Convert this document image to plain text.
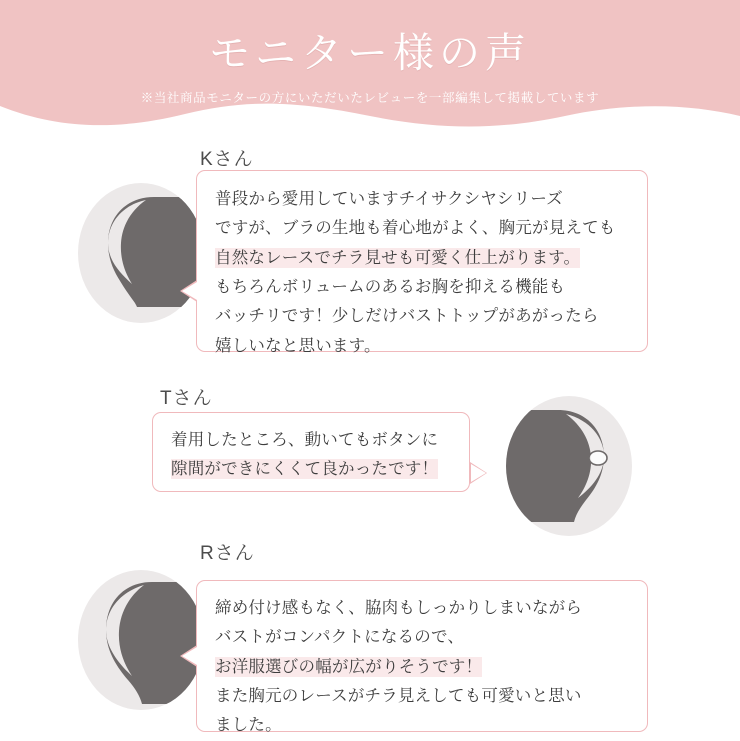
モニター様の声

※当社商品モニターの方にいただいたレビューを一部編集して掲載しています

Kさん

普段から愛用していますチイサクシヤシリーズ

ですが、ブラの生地も着心地がよく、胸元が見えても

自然なレースでチラ見せも可愛く仕上がります。

もちろんボリュームのあるお胸を抑える機能も

バッチリです！少しだけバストトップがあがったら

嬉しいなと思います。

Tさん

着用したところ、動いてもボタンに

隙間ができにくくて良かったです！

Rさん

締め付け感もなく、脇肉もしっかりしまいながら

バストがコンパクトになるので、

お洋服選びの幅が広がりそうです！

また胸元のレースがチラ見えしても可愛いと思い

ました。
